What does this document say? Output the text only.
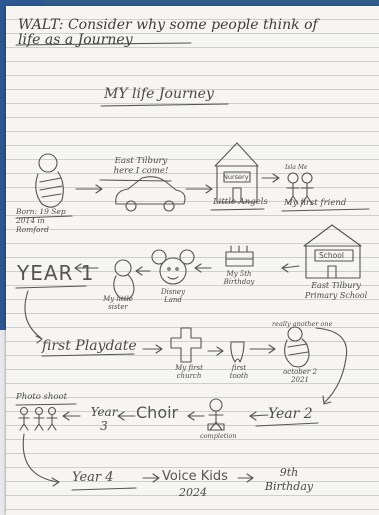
WALT: Consider why some people think of life as a Journey
MY life Journey
Born: 19 Sep 2014 in Romford
East Tilbury here I come!
Nursery
Little Angels
Isla Me
My first friend
YEAR 1
My little sister
Disney Land
My 5th Birthday
School
East Tilbury Primary School
first Playdate
My first church
first tooth
really another one
october 2 2021
Photo shoot
Year 3
Choir
completion
Year 2
Year 4	Voice Kids
2024
9th Birthday
